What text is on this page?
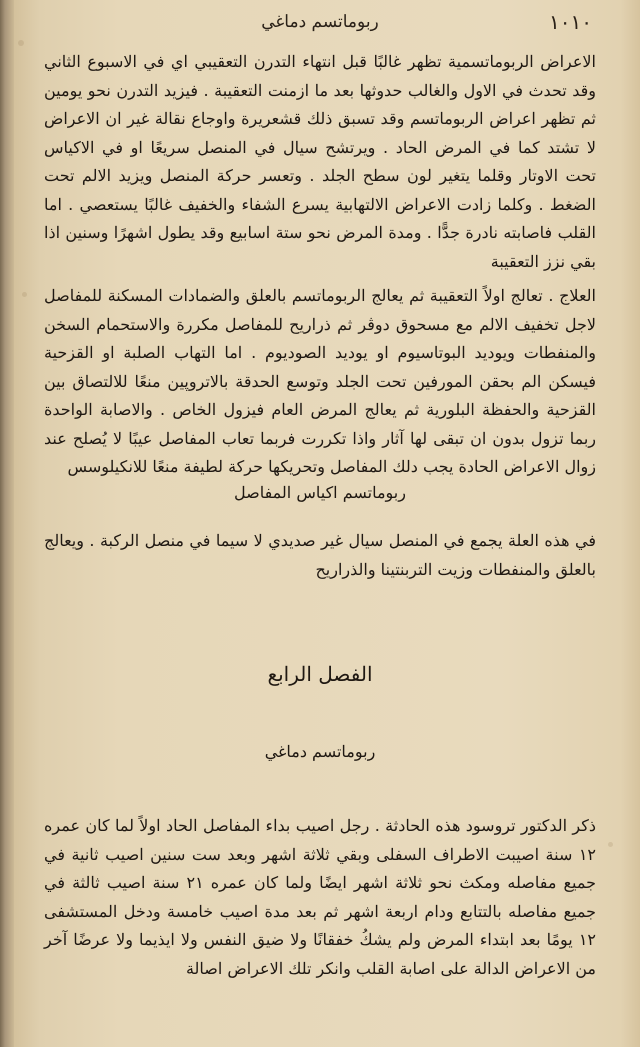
١٠١٠
ربوماتسم دماغي

الاعراض الربوماتسمية تظهر غالبًا قبل انتهاء التدرن التعقيبي اي في الاسبوع الثاني وقد تحدث في الاول والغالب حدوثها بعد ما ازمنت التعقيبة . فيزيد التدرن نحو يومين ثم تظهر اعراض الربوماتسم وقد تسبق ذلك قشعريرة واوجاع نقالة غير ان الاعراض لا تشتد كما في المرض الحاد . ويرتشح سيال في المنصل سريعًا او في الاكياس تحت الاوتار وقلما يتغير لون سطح الجلد . وتعسر حركة المنصل ويزيد الالم تحت الضغط . وكلما زادت الاعراض الالتهابية يسرع الشفاء والخفيف غالبًا يستعصي . اما القلب فاصابته نادرة جدًّا . ومدة المرض نحو ستة اسابيع وقد يطول اشهرًا وسنين اذا بقي نزز التعقيبة

العلاج . تعالج اولاً التعقيبة ثم يعالج الربوماتسم بالعلق والضمادات المسكنة للمفاصل لاجل تخفيف الالم مع مسحوق دوڤر ثم ذراريح للمفاصل مكررة والاستحمام السخن والمنفطات ويوديد البوتاسيوم او يوديد الصوديوم . اما التهاب الصلبة او القزحية فيسكن الم بحقن المورفين تحت الجلد وتوسع الحدقة بالاتروپين منعًا للالتصاق بين القزحية والحفظة البلورية ثم يعالج المرض العام فيزول الخاص . والاصابة الواحدة ربما تزول بدون ان تبقى لها آثار واذا تكررت فربما تعاب المفاصل عيبًا لا يُصلح عند زوال الاعراض الحادة يجب دلك المفاصل وتحريكها حركة لطيفة منعًا للانكيلوسس

ربوماتسم اكياس المفاصل

في هذه العلة يجمع في المنصل سيال غير صديدي لا سيما في منصل الركبة . ويعالج بالعلق والمنفطات وزيت التربنتينا والذراريح

الفصل الرابع
ربوماتسم دماغي

ذكر الدكتور تروسود هذه الحادثة . رجل اصيب بداء المفاصل الحاد اولاً لما كان عمره ١٢ سنة اصيبت الاطراف السفلى وبقي ثلاثة اشهر وبعد ست سنين اصيب ثانية في جميع مفاصله ومكث نحو ثلاثة اشهر ايضًا ولما كان عمره ٢١ سنة اصيب ثالثة في جميع مفاصله بالتتابع ودام اربعة اشهر ثم بعد مدة اصيب خامسة ودخل المستشفى ١٢ يومًا بعد ابتداء المرض ولم يشكُ خفقانًا ولا ضيق النفس ولا ايذيما ولا عرضًا آخر من الاعراض الدالة على اصابة القلب وانكر تلك الاعراض اصالة
